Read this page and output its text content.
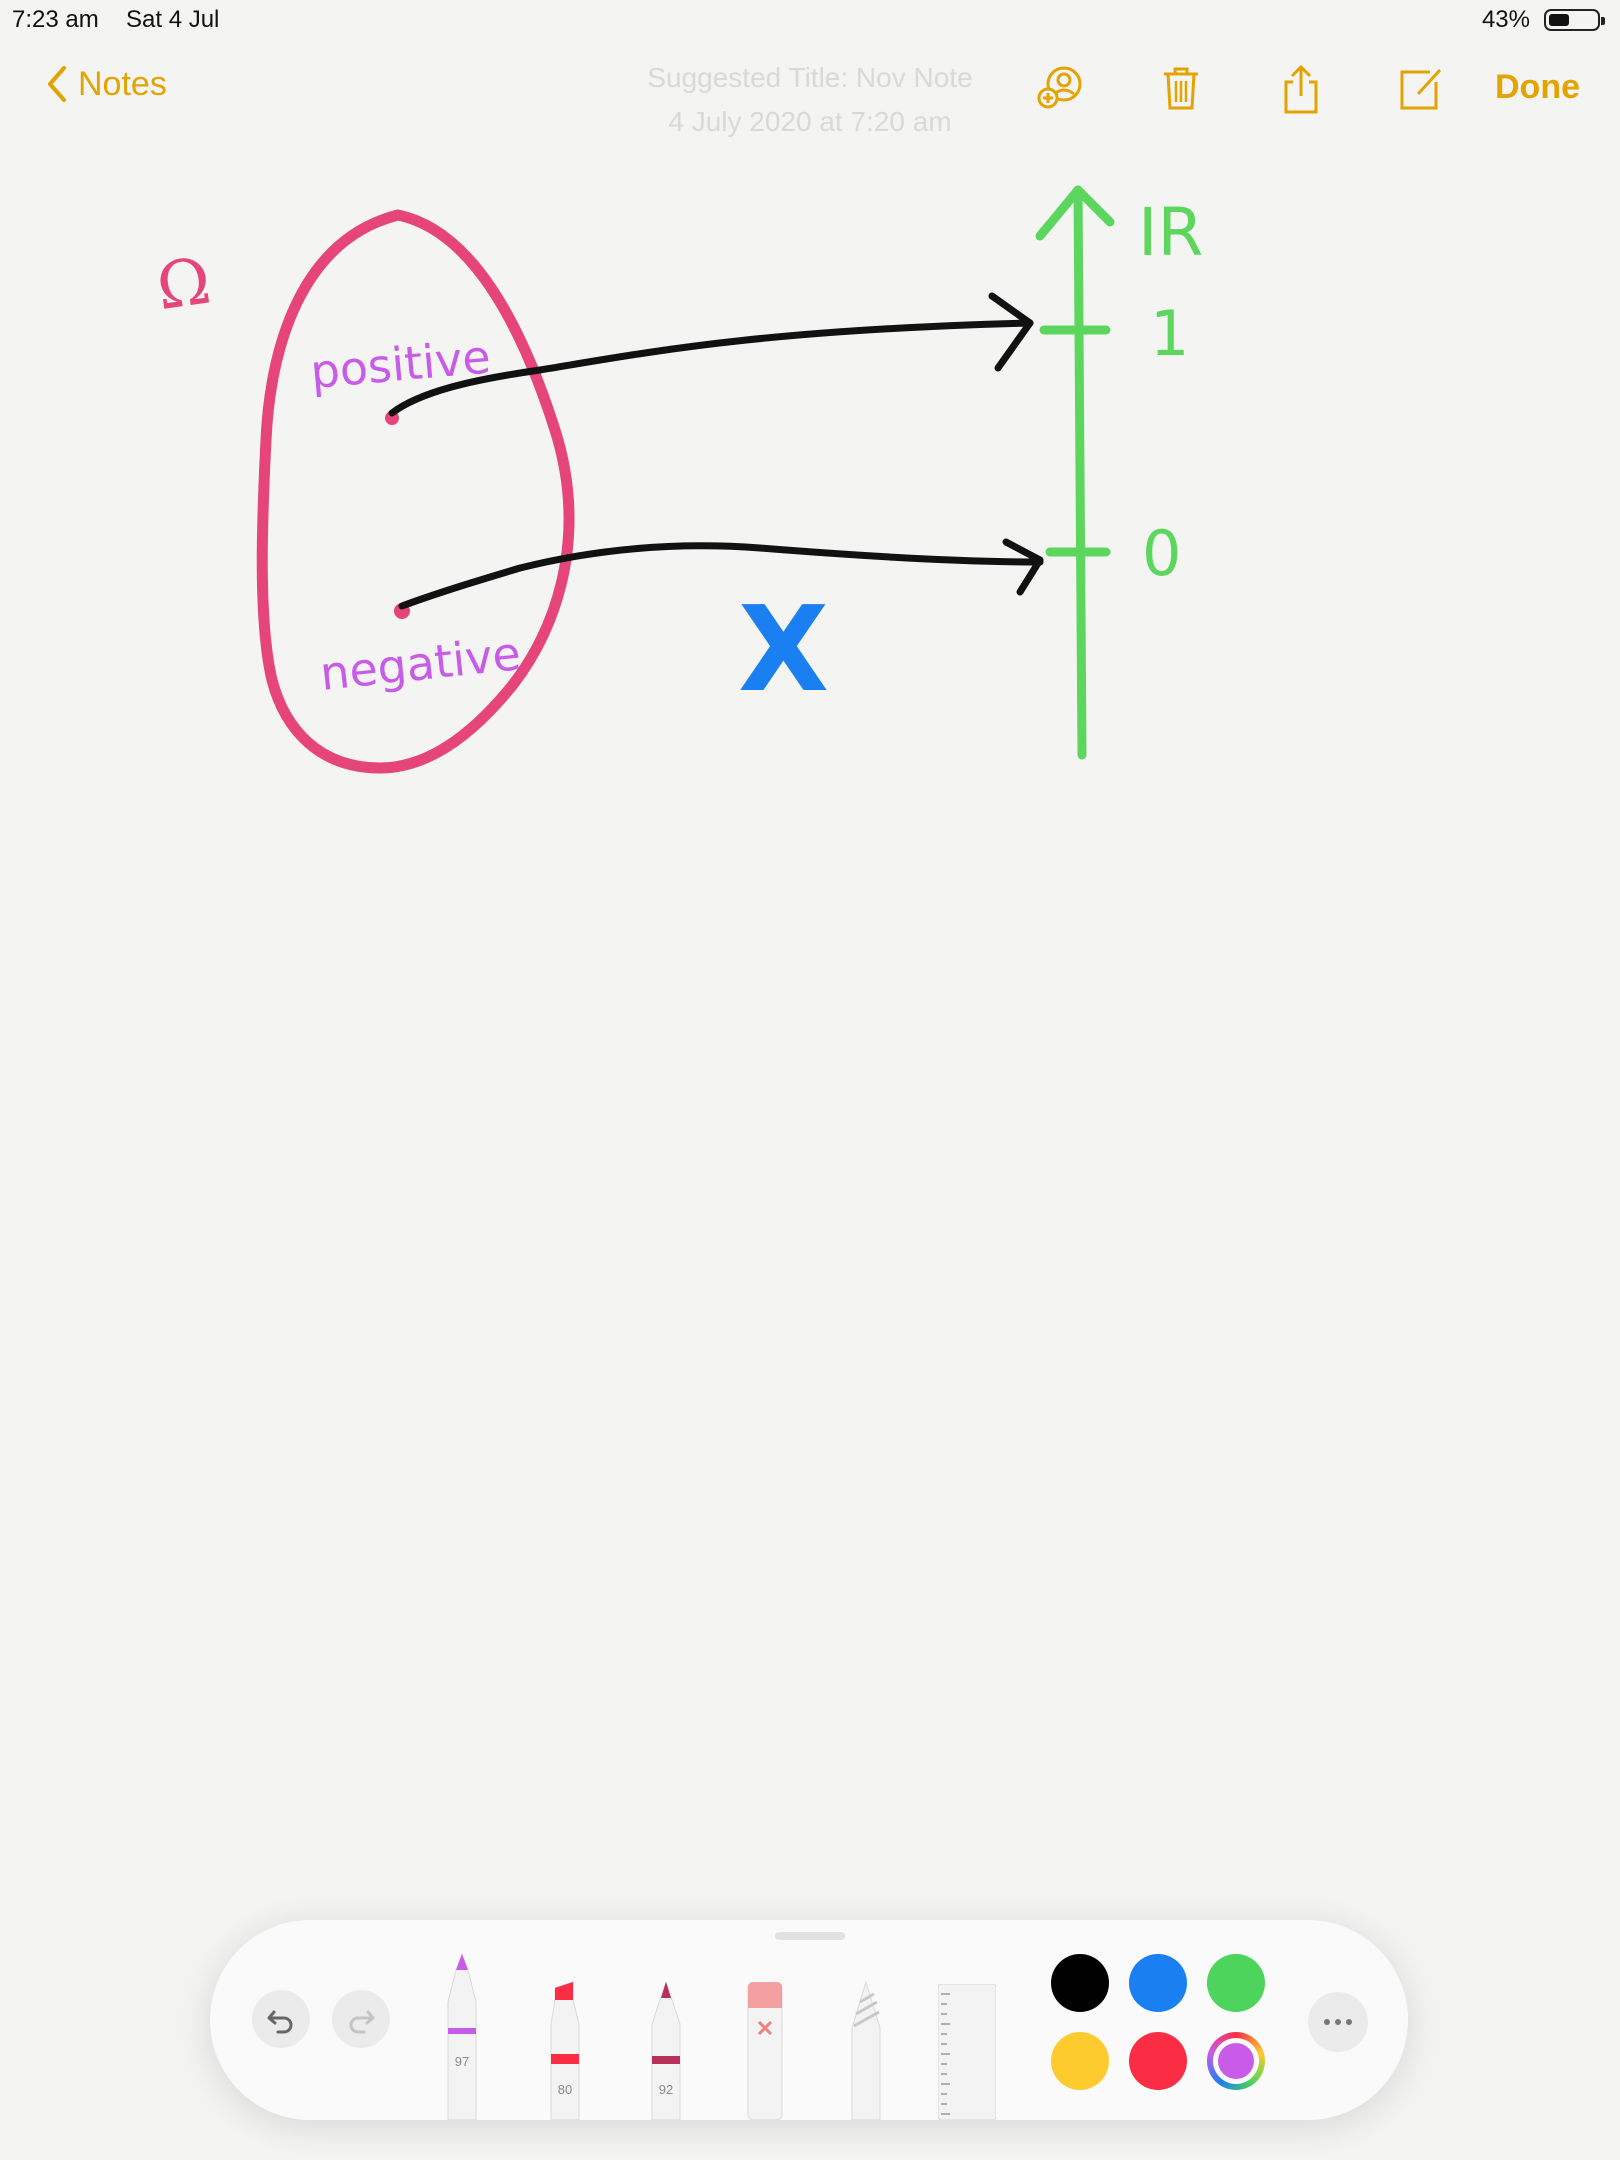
7:23 am Sat 4 Jul	43%
Notes	Suggested Title: Nov Note
4 July 2020 at 7:20 am
Done
Ω
positive
negative X
IR
1
0
97
80	92
